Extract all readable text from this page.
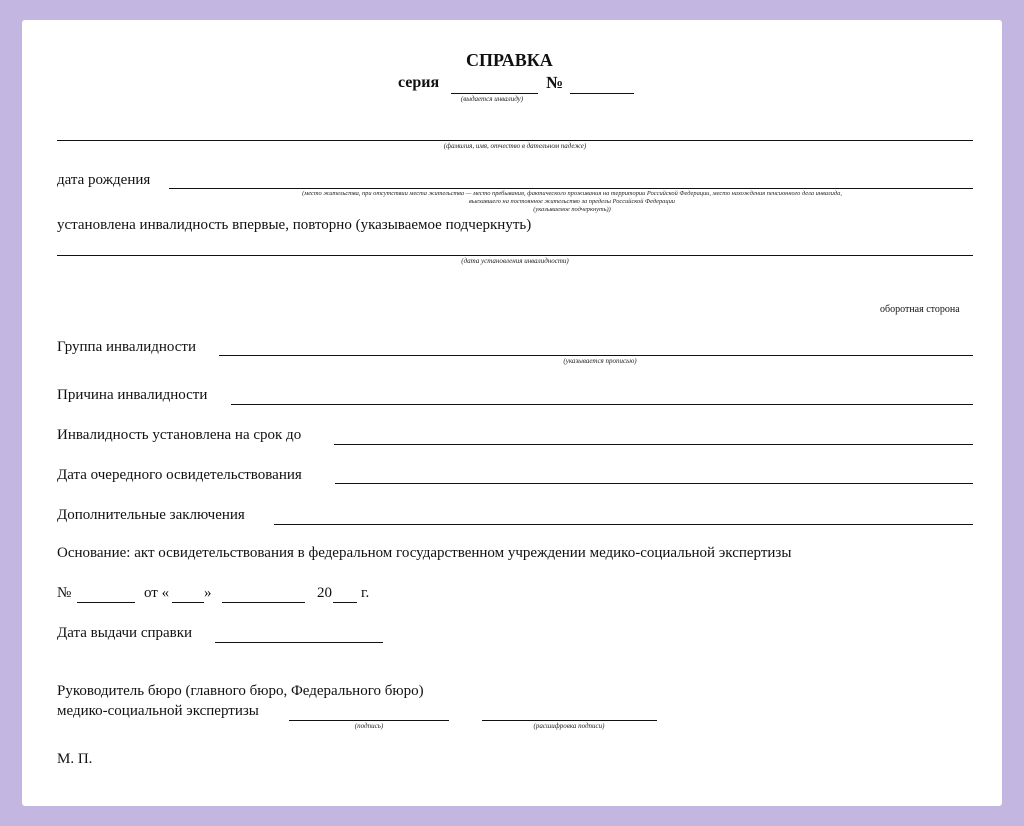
СПРАВКА
серия	№
(выдается инвалиду)
(фамилия, имя, отчество в дательном падеже)
дата рождения
(место жительства, при отсутствии места жительства — место пребывания, фактического проживания на территории Российской Федерации, место нахождения пенсионного дела инвалида,
выехавшего на постоянное жительство за пределы Российской Федерации
(указываемое подчеркнуть))
установлена инвалидность впервые, повторно (указываемое подчеркнуть)
(дата установления инвалидности)
оборотная сторона
Группа инвалидности
(указывается прописью)
Причина инвалидности
Инвалидность установлена на срок до
Дата очередного освидетельствования
Дополнительные заключения
Основание: акт освидетельствования в федеральном государственном учреждении медико-социальной экспертизы
№	от « »	20 г.
Дата выдачи справки
Руководитель бюро (главного бюро, Федерального бюро)
медико-социальной экспертизы
(подпись)	(расшифровка подписи)
М. П.
